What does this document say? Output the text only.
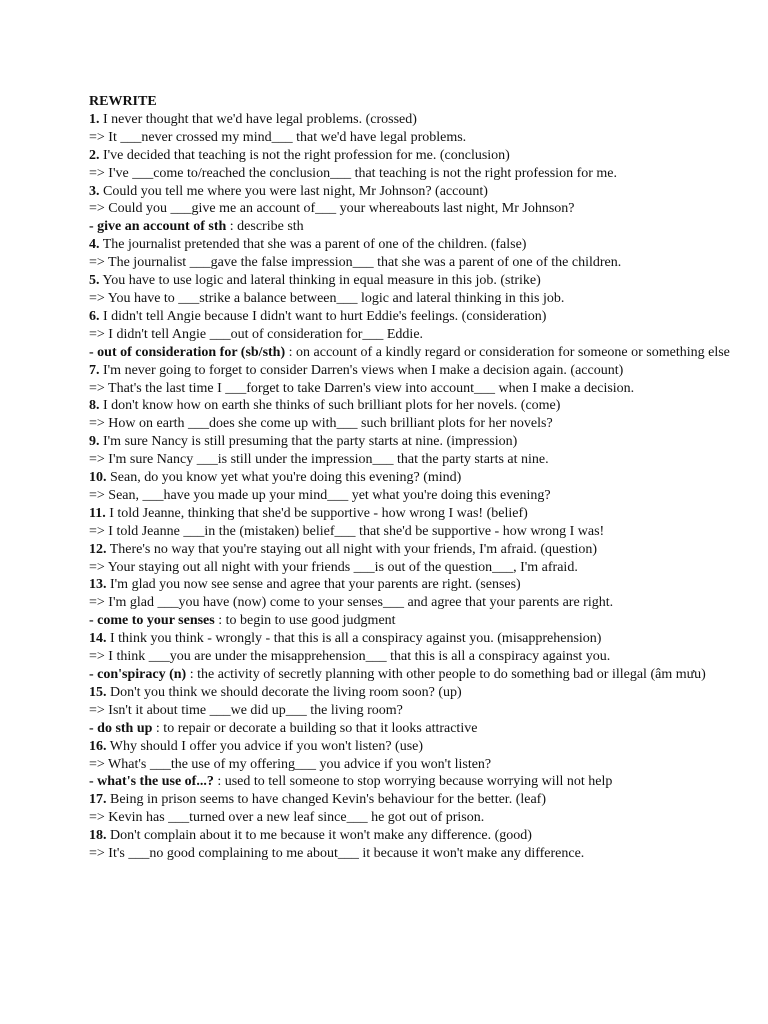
REWRITE
1. I never thought that we'd have legal problems. (crossed)
=> It ___never crossed my mind___ that we'd have legal problems.
2. I've decided that teaching is not the right profession for me. (conclusion)
=> I've ___come to/reached the conclusion___ that teaching is not the right profession for me.
3. Could you tell me where you were last night, Mr Johnson? (account)
=> Could you ___give me an account of___ your whereabouts last night, Mr Johnson?
- give an account of sth : describe sth
4. The journalist pretended that she was a parent of one of the children. (false)
=> The journalist ___gave the false impression___ that she was a parent of one of the children.
5. You have to use logic and lateral thinking in equal measure in this job. (strike)
=> You have to ___strike a balance between___ logic and lateral thinking in this job.
6. I didn't tell Angie because I didn't want to hurt Eddie's feelings. (consideration)
=> I didn't tell Angie ___out of consideration for___ Eddie.
- out of consideration for (sb/sth) : on account of a kindly regard or consideration for someone or something else
7. I'm never going to forget to consider Darren's views when I make a decision again. (account)
=> That's the last time I ___forget to take Darren's view into account___ when I make a decision.
8. I don't know how on earth she thinks of such brilliant plots for her novels. (come)
=> How on earth ___does she come up with___ such brilliant plots for her novels?
9. I'm sure Nancy is still presuming that the party starts at nine. (impression)
=> I'm sure Nancy ___is still under the impression___ that the party starts at nine.
10. Sean, do you know yet what you're doing this evening? (mind)
=> Sean, ___have you made up your mind___ yet what you're doing this evening?
11. I told Jeanne, thinking that she'd be supportive - how wrong I was! (belief)
=> I told Jeanne ___in the (mistaken) belief___ that she'd be supportive - how wrong I was!
12. There's no way that you're staying out all night with your friends, I'm afraid. (question)
=> Your staying out all night with your friends ___is out of the question___, I'm afraid.
13. I'm glad you now see sense and agree that your parents are right. (senses)
=> I'm glad ___you have (now) come to your senses___ and agree that your parents are right.
- come to your senses : to begin to use good judgment
14. I think you think - wrongly - that this is all a conspiracy against you. (misapprehension)
=> I think ___you are under the misapprehension___ that this is all a conspiracy against you.
- con'spiracy (n) : the activity of secretly planning with other people to do something bad or illegal (âm mưu)
15. Don't you think we should decorate the living room soon? (up)
=> Isn't it about time ___we did up___ the living room?
- do sth up : to repair or decorate a building so that it looks attractive
16. Why should I offer you advice if you won't listen? (use)
=> What's ___the use of my offering___ you advice if you won't listen?
- what's the use of...? : used to tell someone to stop worrying because worrying will not help
17. Being in prison seems to have changed Kevin's behaviour for the better. (leaf)
=> Kevin has ___turned over a new leaf since___ he got out of prison.
18. Don't complain about it to me because it won't make any difference. (good)
=> It's ___no good complaining to me about___ it because it won't make any difference.
